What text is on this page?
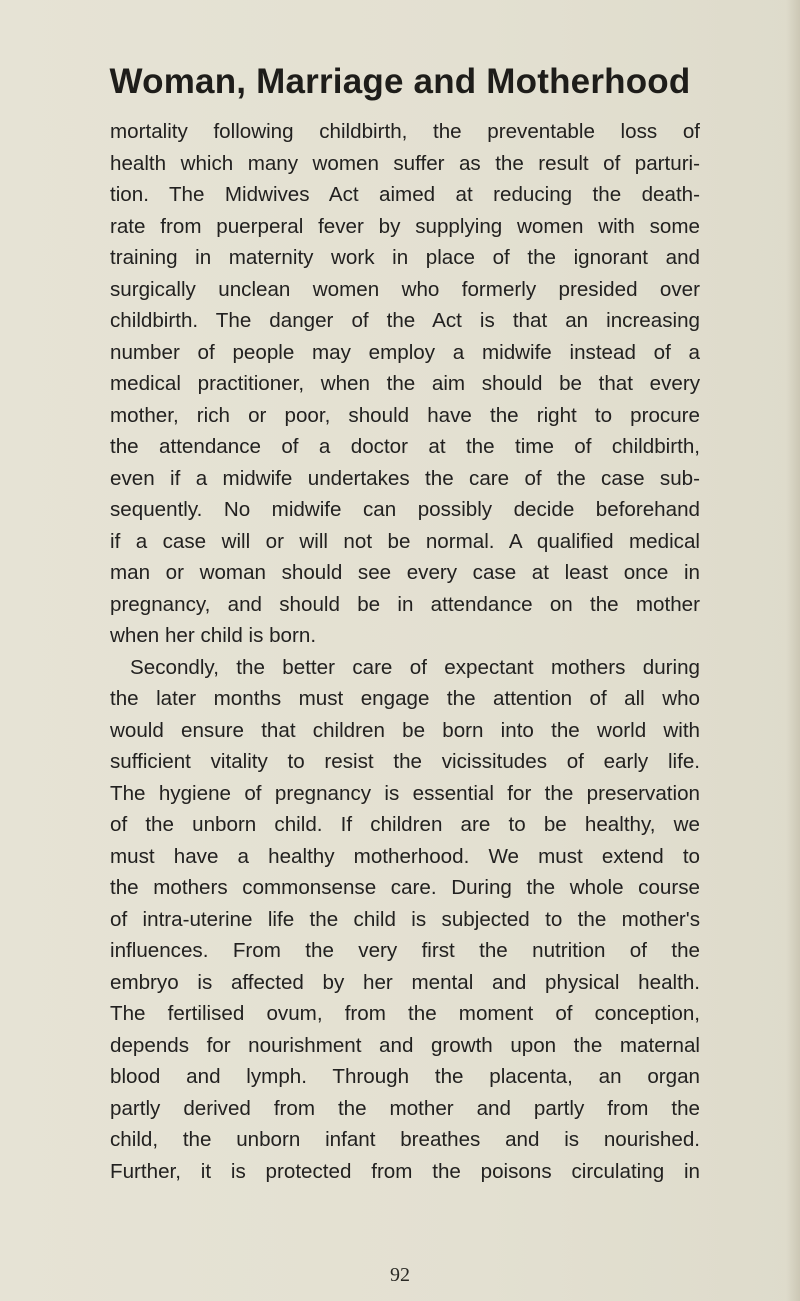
Woman, Marriage and Motherhood
mortality following childbirth, the preventable loss of
health which many women suffer as the result of parturi-
tion. The Midwives Act aimed at reducing the death-
rate from puerperal fever by supplying women with some
training in maternity work in place of the ignorant and
surgically unclean women who formerly presided over
childbirth. The danger of the Act is that an increasing
number of people may employ a midwife instead of a
medical practitioner, when the aim should be that every
mother, rich or poor, should have the right to procure
the attendance of a doctor at the time of childbirth,
even if a midwife undertakes the care of the case sub-
sequently. No midwife can possibly decide beforehand
if a case will or will not be normal. A qualified medical
man or woman should see every case at least once in
pregnancy, and should be in attendance on the mother
when her child is born.
Secondly, the better care of expectant mothers during
the later months must engage the attention of all who
would ensure that children be born into the world with
sufficient vitality to resist the vicissitudes of early life.
The hygiene of pregnancy is essential for the preservation
of the unborn child. If children are to be healthy, we
must have a healthy motherhood. We must extend to
the mothers commonsense care. During the whole course
of intra-uterine life the child is subjected to the mother's
influences. From the very first the nutrition of the
embryo is affected by her mental and physical health.
The fertilised ovum, from the moment of conception,
depends for nourishment and growth upon the maternal
blood and lymph. Through the placenta, an organ
partly derived from the mother and partly from the
child, the unborn infant breathes and is nourished.
Further, it is protected from the poisons circulating in
92
